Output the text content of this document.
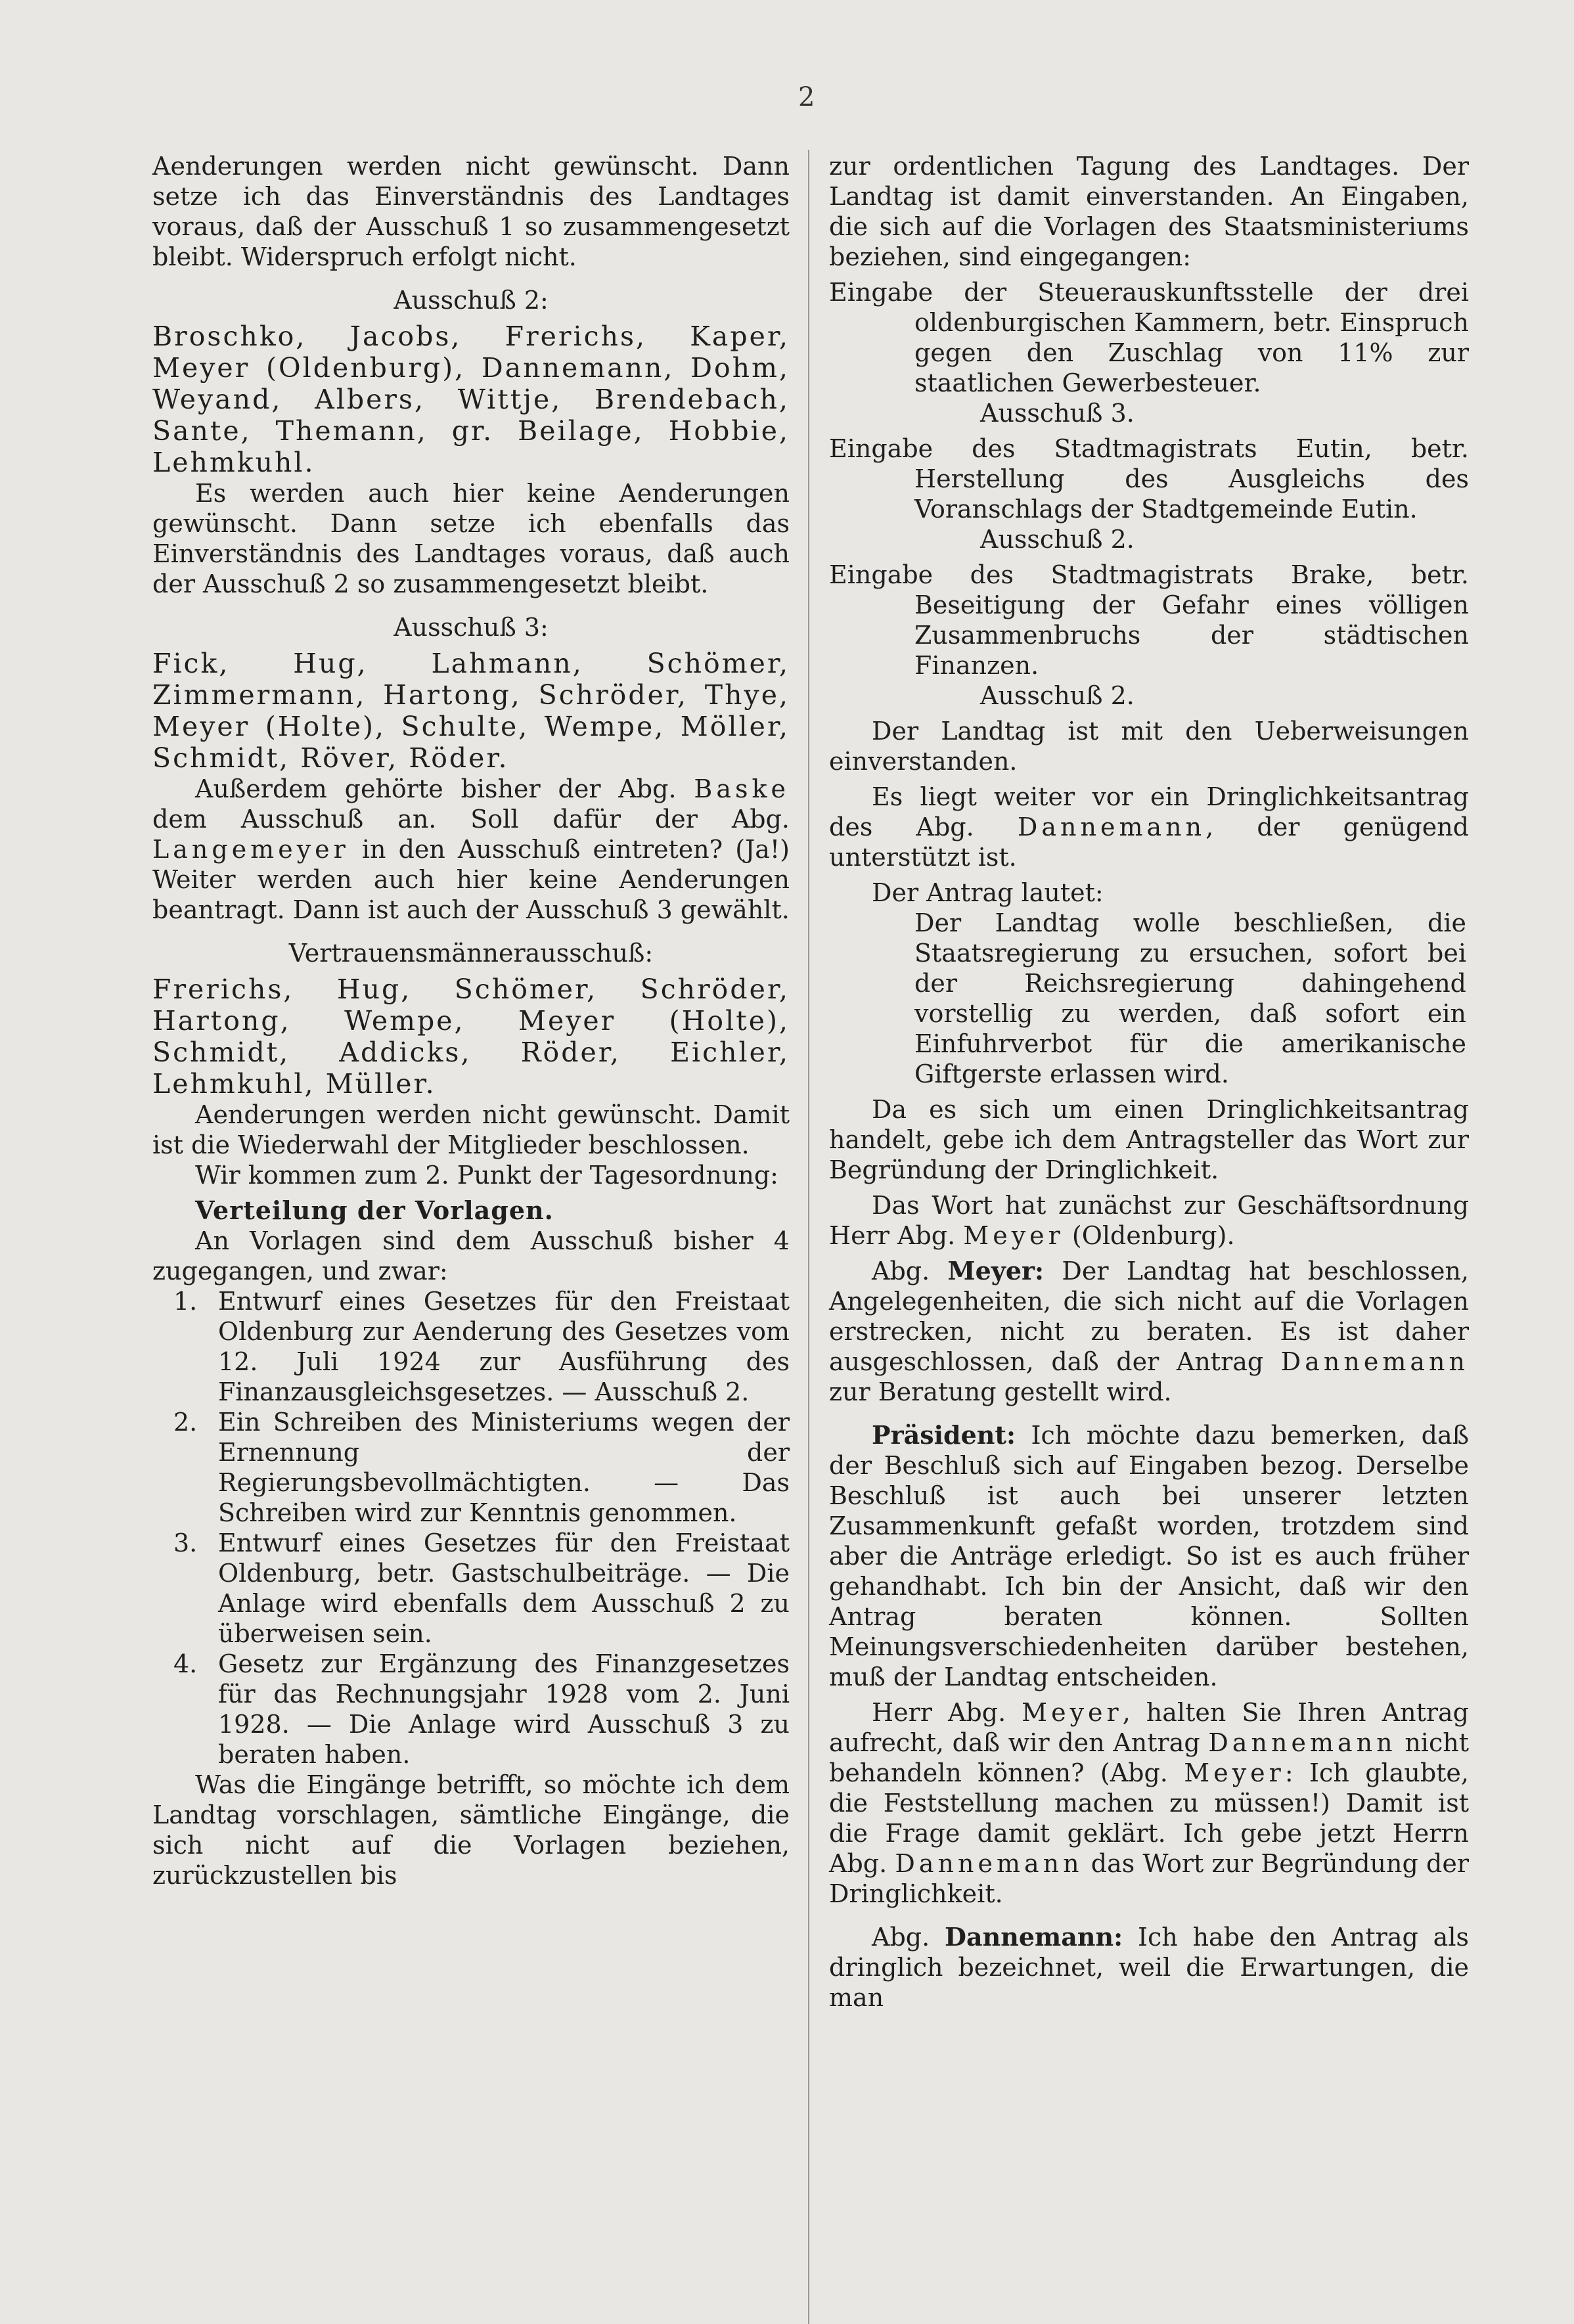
2

Aenderungen werden nicht gewünscht. Dann setze ich das Einverständnis des Landtages voraus, daß der Ausschuß 1 so zusammengesetzt bleibt. Widerspruch erfolgt nicht.

Ausschuß 2:

Broschko, Jacobs, Frerichs, Kaper, Meyer (Oldenburg), Dannemann, Dohm, Weyand, Albers, Wittje, Brendebach, Sante, Themann, gr. Beilage, Hobbie, Lehmkuhl.

Es werden auch hier keine Aenderungen gewünscht. Dann setze ich ebenfalls das Einverständnis des Landtages voraus, daß auch der Ausschuß 2 so zusammengesetzt bleibt.

Ausschuß 3:

Fick, Hug, Lahmann, Schömer, Zimmermann, Hartong, Schröder, Thye, Meyer (Holte), Schulte, Wempe, Möller, Schmidt, Röver, Röder.

Außerdem gehörte bisher der Abg. Baske dem Ausschuß an. Soll dafür der Abg. Langemeyer in den Ausschuß eintreten? (Ja!) Weiter werden auch hier keine Aenderungen beantragt. Dann ist auch der Ausschuß 3 gewählt.

Vertrauensmännerausschuß:

Frerichs, Hug, Schömer, Schröder, Hartong, Wempe, Meyer (Holte), Schmidt, Addicks, Röder, Eichler, Lehmkuhl, Müller.

Aenderungen werden nicht gewünscht. Damit ist die Wiederwahl der Mitglieder beschlossen.

Wir kommen zum 2. Punkt der Tagesordnung:

Verteilung der Vorlagen.

An Vorlagen sind dem Ausschuß bisher 4 zugegangen, und zwar:

1. Entwurf eines Gesetzes für den Freistaat Oldenburg zur Aenderung des Gesetzes vom 12. Juli 1924 zur Ausführung des Finanzausgleichsgesetzes. — Ausschuß 2.
2. Ein Schreiben des Ministeriums wegen der Ernennung der Regierungsbevollmächtigten. — Das Schreiben wird zur Kenntnis genommen.
3. Entwurf eines Gesetzes für den Freistaat Oldenburg, betr. Gastschulbeiträge. — Die Anlage wird ebenfalls dem Ausschuß 2 zu überweisen sein.
4. Gesetz zur Ergänzung des Finanzgesetzes für das Rechnungsjahr 1928 vom 2. Juni 1928. — Die Anlage wird Ausschuß 3 zu beraten haben.

Was die Eingänge betrifft, so möchte ich dem Landtag vorschlagen, sämtliche Eingänge, die sich nicht auf die Vorlagen beziehen, zurückzustellen bis

zur ordentlichen Tagung des Landtages. Der Landtag ist damit einverstanden. An Eingaben, die sich auf die Vorlagen des Staatsministeriums beziehen, sind eingegangen:

Eingabe der Steuerauskunftsstelle der drei oldenburgischen Kammern, betr. Einspruch gegen den Zuschlag von 11% zur staatlichen Gewerbesteuer.
Ausschuß 3.
Eingabe des Stadtmagistrats Eutin, betr. Herstellung des Ausgleichs des Voranschlags der Stadtgemeinde Eutin.
Ausschuß 2.
Eingabe des Stadtmagistrats Brake, betr. Beseitigung der Gefahr eines völligen Zusammenbruchs der städtischen Finanzen.
Ausschuß 2.

Der Landtag ist mit den Ueberweisungen einverstanden.

Es liegt weiter vor ein Dringlichkeitsantrag des Abg. Dannemann, der genügend unterstützt ist.

Der Antrag lautet:

Der Landtag wolle beschließen, die Staatsregierung zu ersuchen, sofort bei der Reichsregierung dahingehend vorstellig zu werden, daß sofort ein Einfuhrverbot für die amerikanische Giftgerste erlassen wird.

Da es sich um einen Dringlichkeitsantrag handelt, gebe ich dem Antragsteller das Wort zur Begründung der Dringlichkeit.

Das Wort hat zunächst zur Geschäftsordnung Herr Abg. Meyer (Oldenburg).

Abg. Meyer: Der Landtag hat beschlossen, Angelegenheiten, die sich nicht auf die Vorlagen erstrecken, nicht zu beraten. Es ist daher ausgeschlossen, daß der Antrag Dannemann zur Beratung gestellt wird.

Präsident: Ich möchte dazu bemerken, daß der Beschluß sich auf Eingaben bezog. Derselbe Beschluß ist auch bei unserer letzten Zusammenkunft gefaßt worden, trotzdem sind aber die Anträge erledigt. So ist es auch früher gehandhabt. Ich bin der Ansicht, daß wir den Antrag beraten können. Sollten Meinungsverschiedenheiten darüber bestehen, muß der Landtag entscheiden.

Herr Abg. Meyer, halten Sie Ihren Antrag aufrecht, daß wir den Antrag Dannemann nicht behandeln können? (Abg. Meyer: Ich glaubte, die Feststellung machen zu müssen!) Damit ist die Frage damit geklärt. Ich gebe jetzt Herrn Abg. Dannemann das Wort zur Begründung der Dringlichkeit.

Abg. Dannemann: Ich habe den Antrag als dringlich bezeichnet, weil die Erwartungen, die man
